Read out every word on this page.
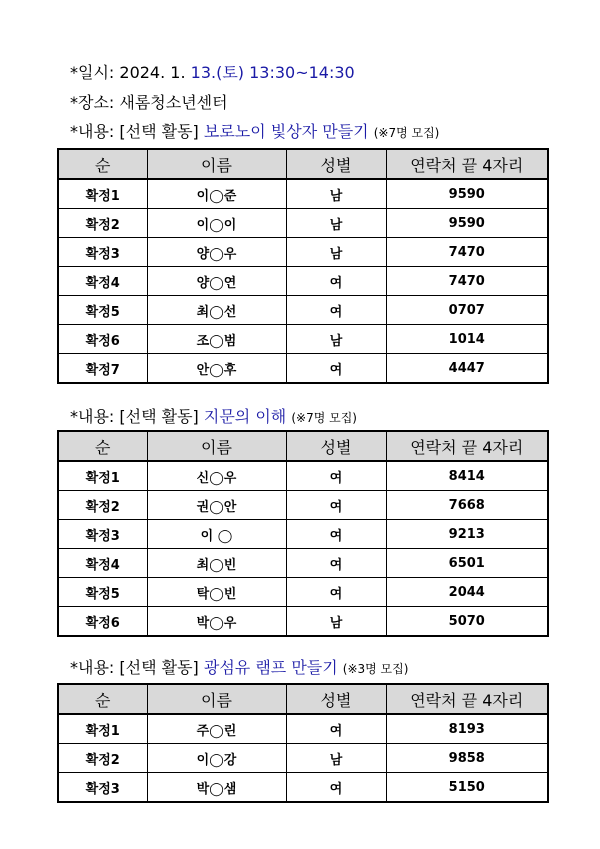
*일시: 2024. 1. 13.(토) 13:30~14:30
*장소: 새롬청소년센터
*내용: [선택 활동] 보로노이 빛상자 만들기 (※7명 모집)
순	이름	성별	연락처 끝 4자리
확정1	이◯준	남	9590
확정2	이◯이	남	9590
확정3	양◯우	남	7470
확정4	양◯연	여	7470
확정5	최◯선	여	0707
확정6	조◯범	남	1014
확정7	안◯후	여	4447
*내용: [선택 활동] 지문의 이해 (※7명 모집)
순	이름	성별	연락처 끝 4자리
확정1	신◯우	여	8414
확정2	권◯안	여	7668
확정3	이 ◯	여	9213
확정4	최◯빈	여	6501
확정5	탁◯빈	여	2044
확정6	박◯우	남	5070
*내용: [선택 활동] 광섬유 램프 만들기 (※3명 모집)
순	이름	성별	연락처 끝 4자리
확정1	주◯린	여	8193
확정2	이◯강	남	9858
확정3	박◯샘	여	5150
